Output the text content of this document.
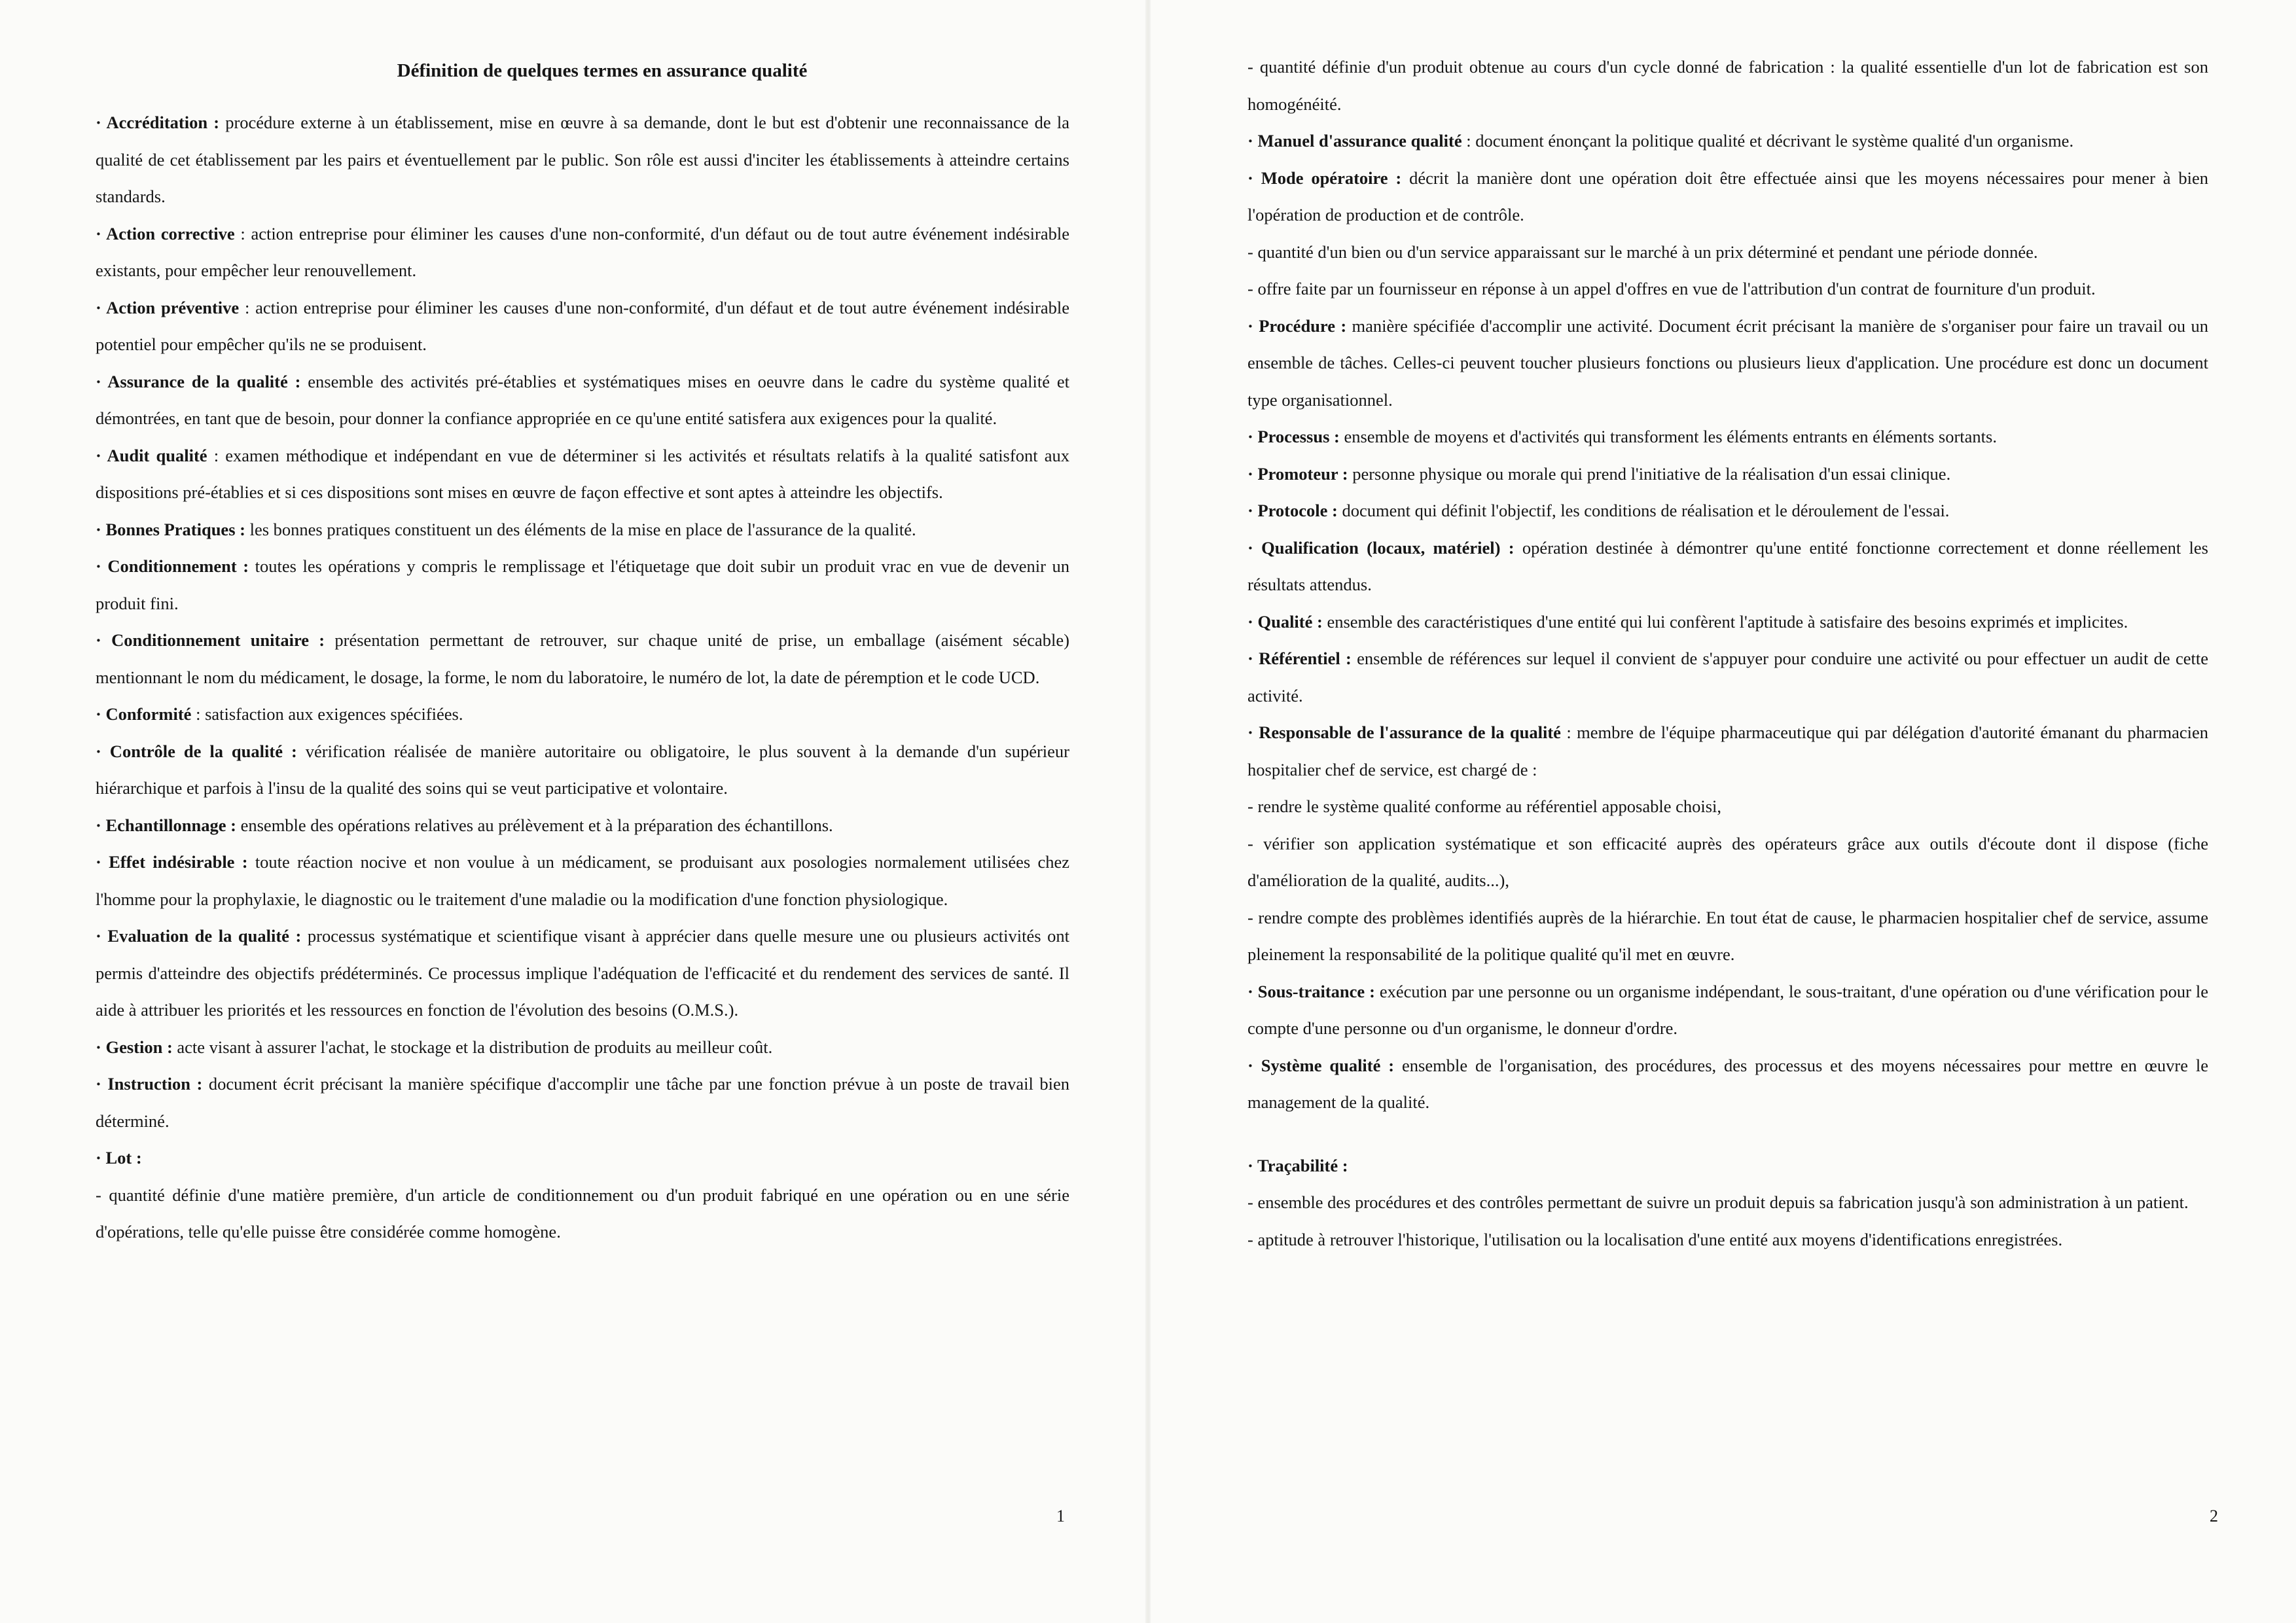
Définition de quelques termes en assurance qualité

· Accréditation : procédure externe à un établissement, mise en œuvre à sa demande, dont le but est d'obtenir une reconnaissance de la qualité de cet établissement par les pairs et éventuellement par le public. Son rôle est aussi d'inciter les établissements à atteindre certains standards.

· Action corrective : action entreprise pour éliminer les causes d'une non-conformité, d'un défaut ou de tout autre événement indésirable existants, pour empêcher leur renouvellement.

· Action préventive : action entreprise pour éliminer les causes d'une non-conformité, d'un défaut et de tout autre événement indésirable potentiel pour empêcher qu'ils ne se produisent.

· Assurance de la qualité : ensemble des activités pré-établies et systématiques mises en oeuvre dans le cadre du système qualité et démontrées, en tant que de besoin, pour donner la confiance appropriée en ce qu'une entité satisfera aux exigences pour la qualité.

· Audit qualité : examen méthodique et indépendant en vue de déterminer si les activités et résultats relatifs à la qualité satisfont aux dispositions pré-établies et si ces dispositions sont mises en œuvre de façon effective et sont aptes à atteindre les objectifs.

· Bonnes Pratiques : les bonnes pratiques constituent un des éléments de la mise en place de l'assurance de la qualité.

· Conditionnement : toutes les opérations y compris le remplissage et l'étiquetage que doit subir un produit vrac en vue de devenir un produit fini.

· Conditionnement unitaire : présentation permettant de retrouver, sur chaque unité de prise, un emballage (aisément sécable) mentionnant le nom du médicament, le dosage, la forme, le nom du laboratoire, le numéro de lot, la date de péremption et le code UCD.

· Conformité : satisfaction aux exigences spécifiées.

· Contrôle de la qualité : vérification réalisée de manière autoritaire ou obligatoire, le plus souvent à la demande d'un supérieur hiérarchique et parfois à l'insu de la qualité des soins qui se veut participative et volontaire.

· Echantillonnage : ensemble des opérations relatives au prélèvement et à la préparation des échantillons.

· Effet indésirable : toute réaction nocive et non voulue à un médicament, se produisant aux posologies normalement utilisées chez l'homme pour la prophylaxie, le diagnostic ou le traitement d'une maladie ou la modification d'une fonction physiologique.

· Evaluation de la qualité : processus systématique et scientifique visant à apprécier dans quelle mesure une ou plusieurs activités ont permis d'atteindre des objectifs prédéterminés. Ce processus implique l'adéquation de l'efficacité et du rendement des services de santé. Il aide à attribuer les priorités et les ressources en fonction de l'évolution des besoins (O.M.S.).

· Gestion : acte visant à assurer l'achat, le stockage et la distribution de produits au meilleur coût.

· Instruction : document écrit précisant la manière spécifique d'accomplir une tâche par une fonction prévue à un poste de travail bien déterminé.

· Lot :

- quantité définie d'une matière première, d'un article de conditionnement ou d'un produit fabriqué en une opération ou en une série d'opérations, telle qu'elle puisse être considérée comme homogène.

1

- quantité définie d'un produit obtenue au cours d'un cycle donné de fabrication : la qualité essentielle d'un lot de fabrication est son homogénéité.

· Manuel d'assurance qualité : document énonçant la politique qualité et décrivant le système qualité d'un organisme.

· Mode opératoire : décrit la manière dont une opération doit être effectuée ainsi que les moyens nécessaires pour mener à bien l'opération de production et de contrôle.

- quantité d'un bien ou d'un service apparaissant sur le marché à un prix déterminé et pendant une période donnée.

- offre faite par un fournisseur en réponse à un appel d'offres en vue de l'attribution d'un contrat de fourniture d'un produit.

· Procédure : manière spécifiée d'accomplir une activité. Document écrit précisant la manière de s'organiser pour faire un travail ou un ensemble de tâches. Celles-ci peuvent toucher plusieurs fonctions ou plusieurs lieux d'application. Une procédure est donc un document type organisationnel.

· Processus : ensemble de moyens et d'activités qui transforment les éléments entrants en éléments sortants.

· Promoteur : personne physique ou morale qui prend l'initiative de la réalisation d'un essai clinique.

· Protocole : document qui définit l'objectif, les conditions de réalisation et le déroulement de l'essai.

· Qualification (locaux, matériel) : opération destinée à démontrer qu'une entité fonctionne correctement et donne réellement les résultats attendus.

· Qualité : ensemble des caractéristiques d'une entité qui lui confèrent l'aptitude à satisfaire des besoins exprimés et implicites.

· Référentiel : ensemble de références sur lequel il convient de s'appuyer pour conduire une activité ou pour effectuer un audit de cette activité.

· Responsable de l'assurance de la qualité : membre de l'équipe pharmaceutique qui par délégation d'autorité émanant du pharmacien hospitalier chef de service, est chargé de :

- rendre le système qualité conforme au référentiel apposable choisi,

- vérifier son application systématique et son efficacité auprès des opérateurs grâce aux outils d'écoute dont il dispose (fiche d'amélioration de la qualité, audits...),

- rendre compte des problèmes identifiés auprès de la hiérarchie. En tout état de cause, le pharmacien hospitalier chef de service, assume pleinement la responsabilité de la politique qualité qu'il met en œuvre.

· Sous-traitance : exécution par une personne ou un organisme indépendant, le sous-traitant, d'une opération ou d'une vérification pour le compte d'une personne ou d'un organisme, le donneur d'ordre.

· Système qualité : ensemble de l'organisation, des procédures, des processus et des moyens nécessaires pour mettre en œuvre le management de la qualité.

· Traçabilité :

- ensemble des procédures et des contrôles permettant de suivre un produit depuis sa fabrication jusqu'à son administration à un patient.

- aptitude à retrouver l'historique, l'utilisation ou la localisation d'une entité aux moyens d'identifications enregistrées.

2
